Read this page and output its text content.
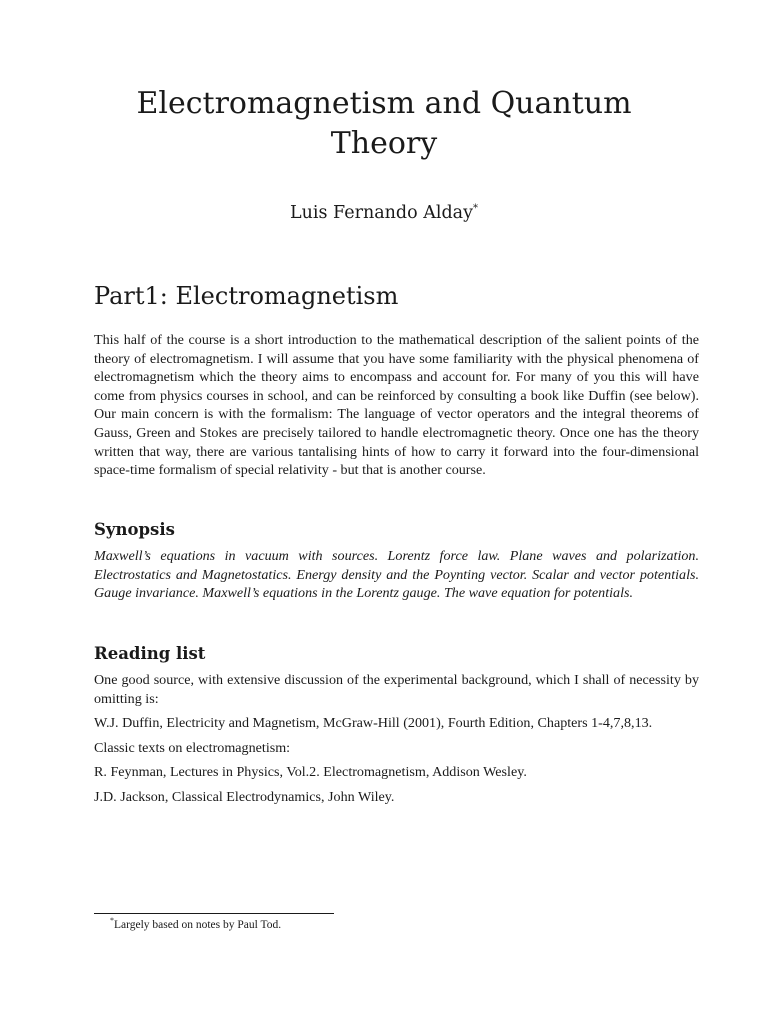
Electromagnetism and Quantum
Theory
Luis Fernando Alday*
Part1: Electromagnetism

This half of the course is a short introduction to the mathematical description of the salient points of the theory of electromagnetism. I will assume that you have some familiarity with the physical phenomena of electromagnetism which the theory aims to encompass and account for. For many of you this will have come from physics courses in school, and can be reinforced by consulting a book like Duffin (see below). Our main concern is with the formalism: The language of vector operators and the integral theorems of Gauss, Green and Stokes are precisely tailored to handle electromagnetic theory. Once one has the theory written that way, there are various tantalising hints of how to carry it forward into the four-dimensional space-time formalism of special relativity - but that is another course.

Synopsis

Maxwell’s equations in vacuum with sources. Lorentz force law. Plane waves and polarization. Electrostatics and Magnetostatics. Energy density and the Poynting vector. Scalar and vector potentials. Gauge invariance. Maxwell’s equations in the Lorentz gauge. The wave equation for potentials.

Reading list
One good source, with extensive discussion of the experimental background, which I shall of necessity by omitting is:
W.J. Duffin, Electricity and Magnetism, McGraw-Hill (2001), Fourth Edition, Chapters 1-4,7,8,13.
Classic texts on electromagnetism:
R. Feynman, Lectures in Physics, Vol.2. Electromagnetism, Addison Wesley.
J.D. Jackson, Classical Electrodynamics, John Wiley.
*Largely based on notes by Paul Tod.
